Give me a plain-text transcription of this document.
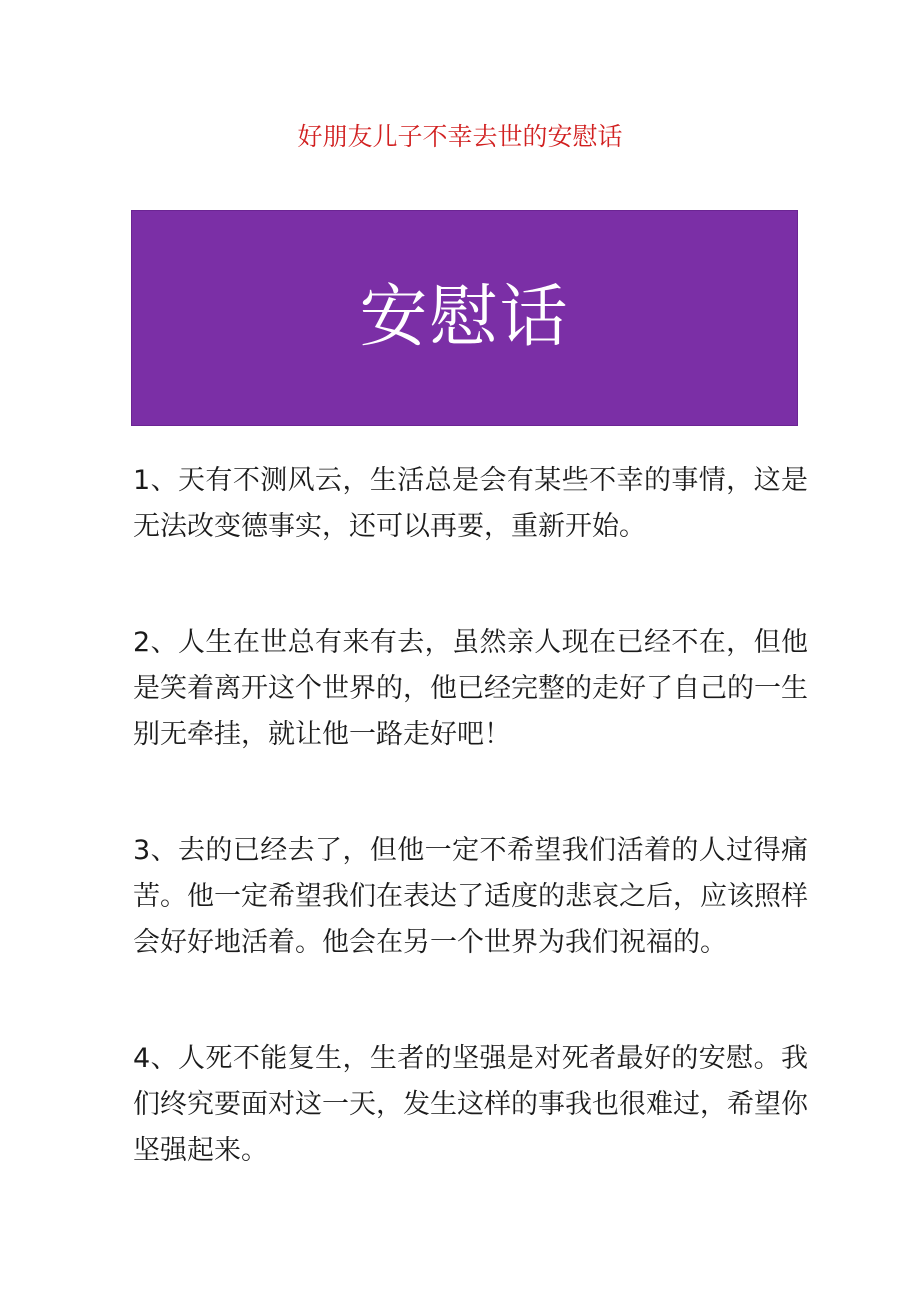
好朋友儿子不幸去世的安慰话
安慰话

1、天有不测风云，生活总是会有某些不幸的事情，这是无法改变德事实，还可以再要，重新开始。

2、人生在世总有来有去，虽然亲人现在已经不在，但他是笑着离开这个世界的，他已经完整的走好了自己的一生别无牵挂，就让他一路走好吧！

3、去的已经去了，但他一定不希望我们活着的人过得痛苦。他一定希望我们在表达了适度的悲哀之后，应该照样会好好地活着。他会在另一个世界为我们祝福的。

4、人死不能复生，生者的坚强是对死者最好的安慰。我们终究要面对这一天，发生这样的事我也很难过，希望你坚强起来。
